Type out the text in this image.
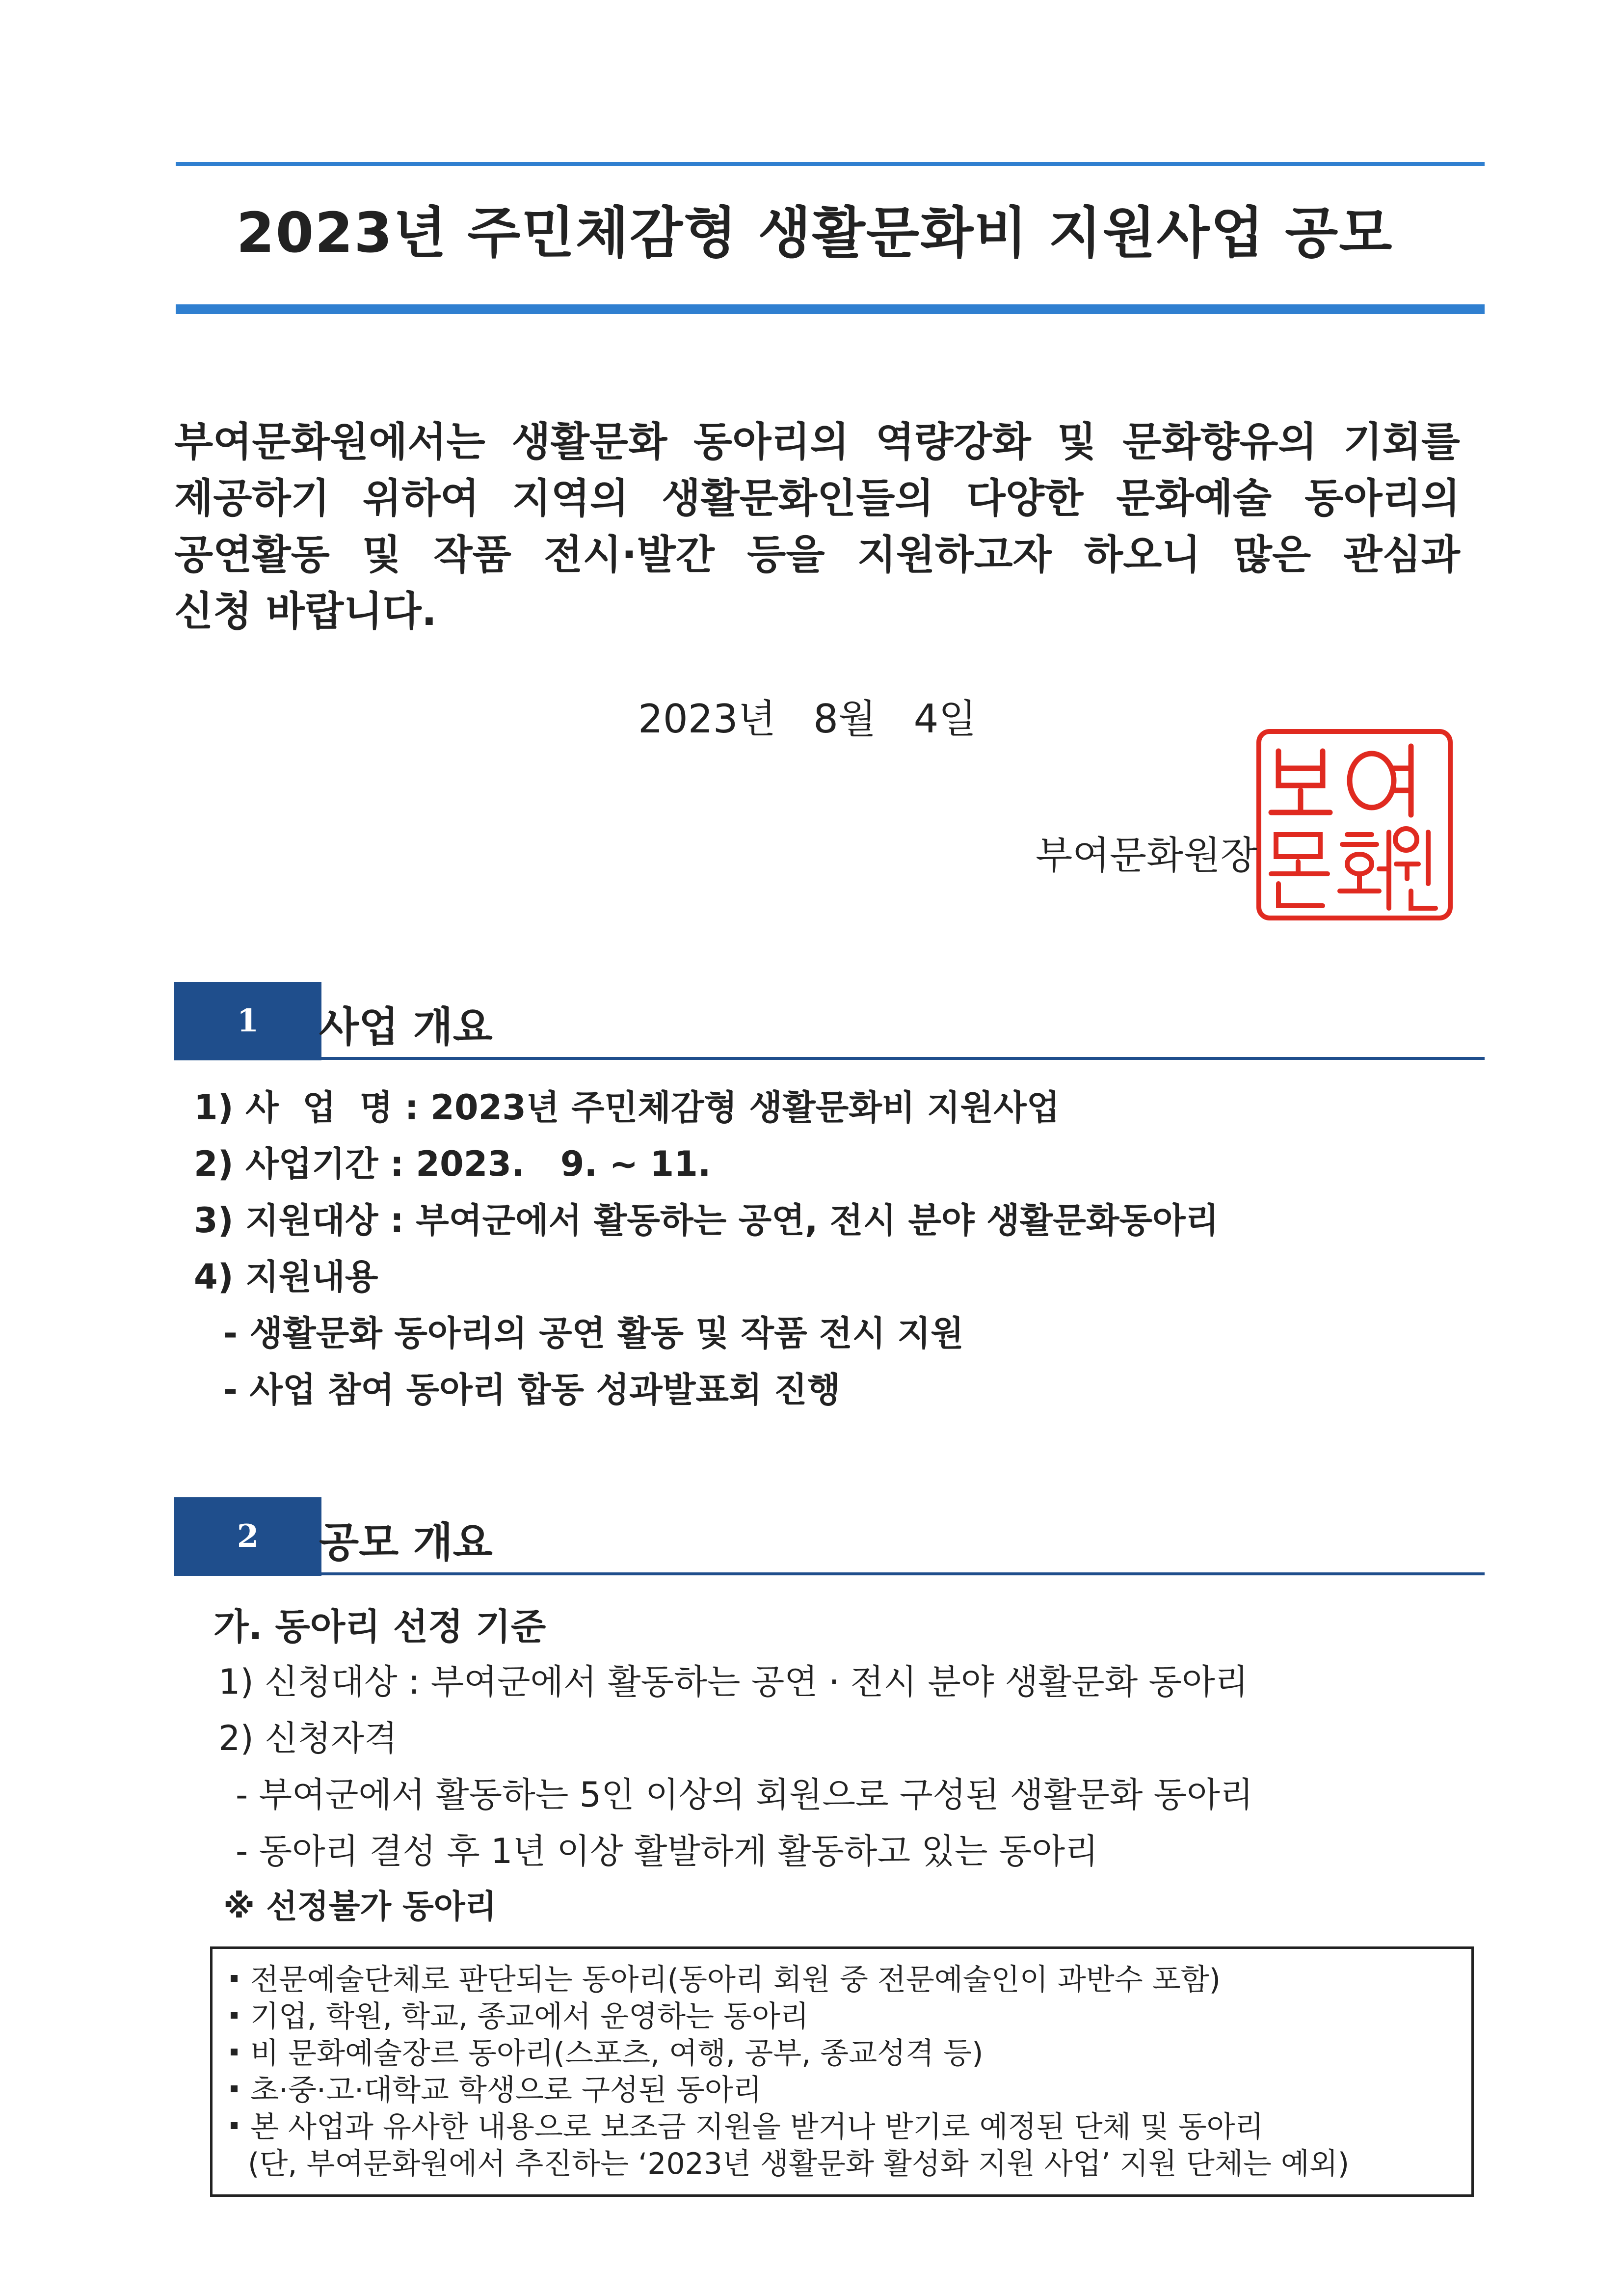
2023년 주민체감형 생활문화비 지원사업 공모
부여문화원에서는 생활문화 동아리의 역량강화 및 문화향유의 기회를
제공하기 위하여 지역의 생활문화인들의 다양한 문화예술 동아리의
공연활동 및 작품 전시·발간 등을 지원하고자 하오니 많은 관심과
신청 바랍니다.
2023년   8월   4일
부여문화원장
1	사업 개요
1) 사  업  명 : 2023년 주민체감형 생활문화비 지원사업
2) 사업기간 : 2023.   9. ~ 11.
3) 지원대상 : 부여군에서 활동하는 공연, 전시 분야 생활문화동아리
4) 지원내용
- 생활문화 동아리의 공연 활동 및 작품 전시 지원
- 사업 참여 동아리 합동 성과발표회 진행
2	공모 개요
가. 동아리 선정 기준
1) 신청대상 : 부여군에서 활동하는 공연 · 전시 분야 생활문화 동아리
2) 신청자격
- 부여군에서 활동하는 5인 이상의 회원으로 구성된 생활문화 동아리
- 동아리 결성 후 1년 이상 활발하게 활동하고 있는 동아리
※ 선정불가 동아리
전문예술단체로 판단되는 동아리(동아리 회원 중 전문예술인이 과반수 포함)
기업, 학원, 학교, 종교에서 운영하는 동아리
비 문화예술장르 동아리(스포츠, 여행, 공부, 종교성격 등)
초·중·고·대학교 학생으로 구성된 동아리
본 사업과 유사한 내용으로 보조금 지원을 받거나 받기로 예정된 단체 및 동아리
(단, 부여문화원에서 추진하는 ‘2023년 생활문화 활성화 지원 사업’ 지원 단체는 예외)
